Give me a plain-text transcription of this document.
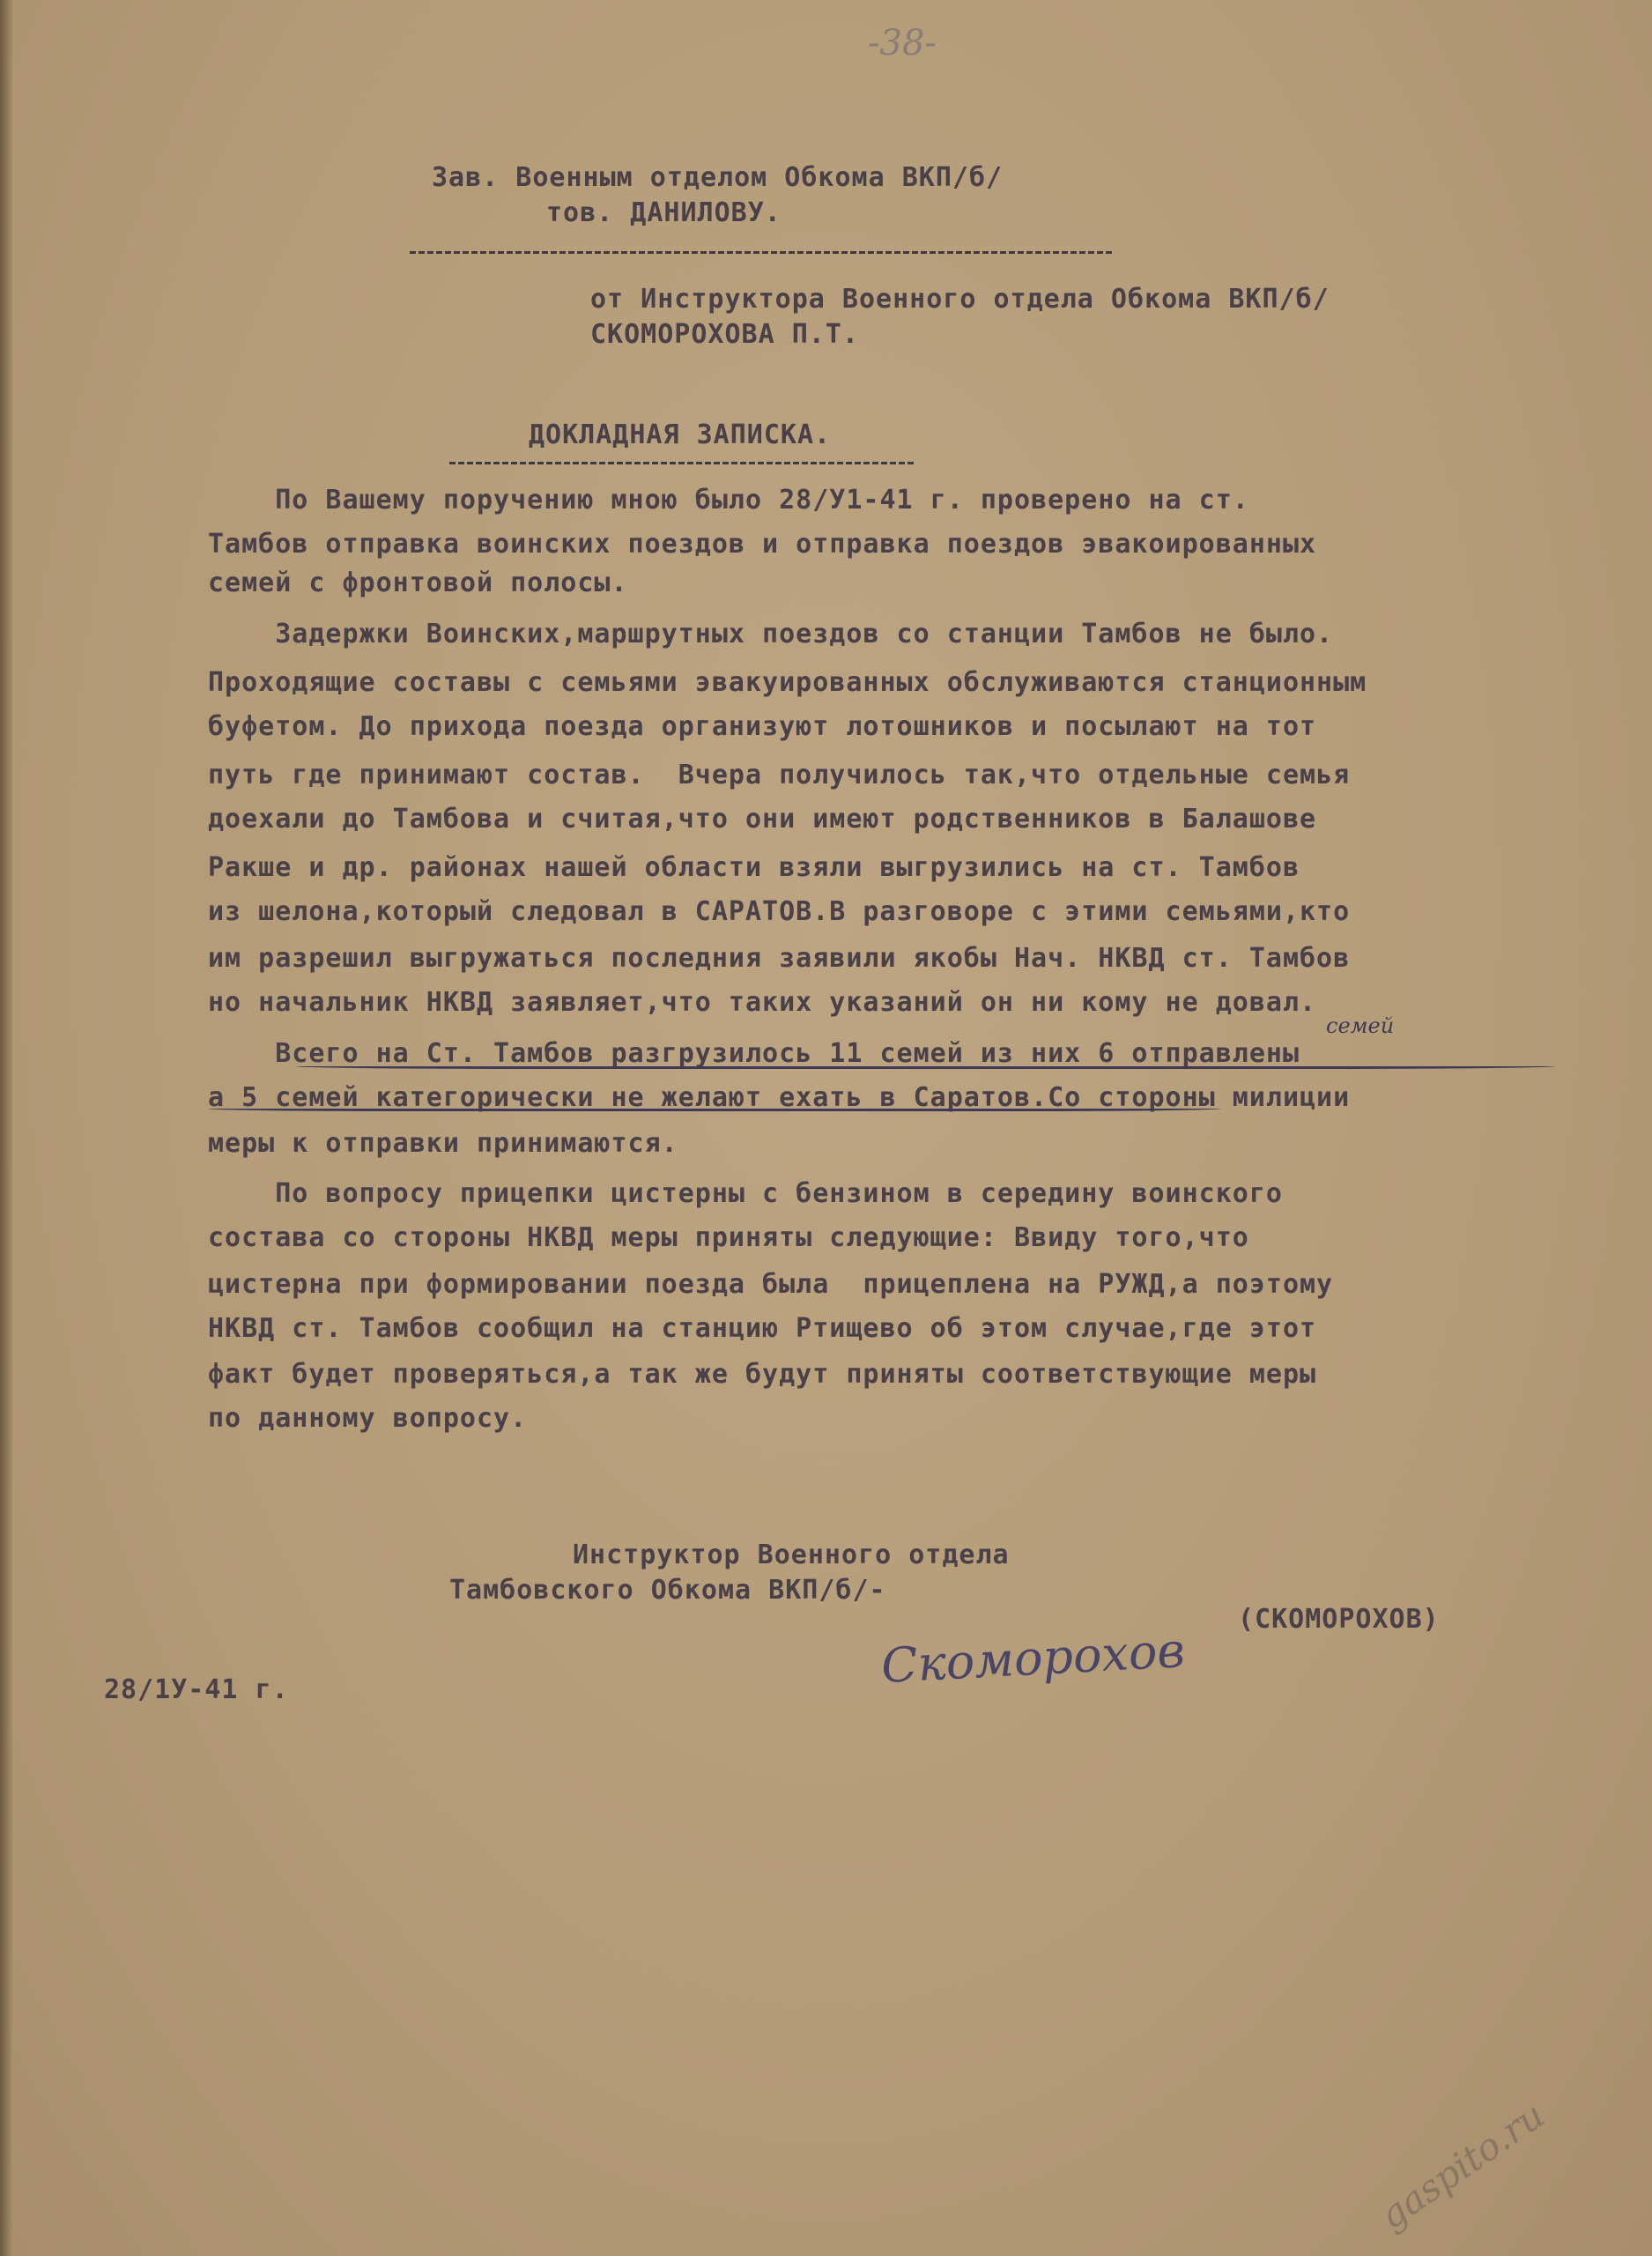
-38-
Зав. Военным отделом Обкома ВКП/б/
тов. ДАНИЛОВУ.
от Инструктора Военного отдела Обкома ВКП/б/
СКОМОРОХОВА П.Т.
ДОКЛАДНАЯ ЗАПИСКА.
По Вашему поручению мною было 28/У1-41 г. проверено на ст.
Тамбов отправка воинских поездов и отправка поездов эвакоированных
семей с фронтовой полосы.
Задержки Воинских,маршрутных поездов со станции Тамбов не было.
Проходящие составы с семьями эвакуированных обслуживаются станционным
буфетом. До прихода поезда организуют лотошников и посылают на тот
путь где принимают состав.  Вчера получилось так,что отдельные семья
доехали до Тамбова и считая,что они имеют родственников в Балашове
Ракше и др. районах нашей области взяли выгрузились на ст. Тамбов
из шелона,который следовал в САРАТОВ.В разговоре с этими семьями,кто
им разрешил выгружаться последния заявили якобы Нач. НКВД ст. Тамбов
но начальник НКВД заявляет,что таких указаний он ни кому не довал.
Всего на Ст. Тамбов разгрузилось 11 семей из них 6 отправлены
семей
а 5 семей категорически не желают ехать в Саратов.Со стороны милиции
меры к отправки принимаются.
По вопросу прицепки цистерны с бензином в середину воинского
состава со стороны НКВД меры приняты следующие: Ввиду того,что
цистерна при формировании поезда была  прицеплена на РУЖД,а поэтому
НКВД ст. Тамбов сообщил на станцию Ртищево об этом случае,где этот
факт будет проверяться,а так же будут приняты соответствующие меры
по данному вопросу.
Инструктор Военного отдела
Тамбовского Обкома ВКП/б/-
(СКОМОРОХОВ)
Скоморохов
28/1У-41 г.
gaspito.ru
